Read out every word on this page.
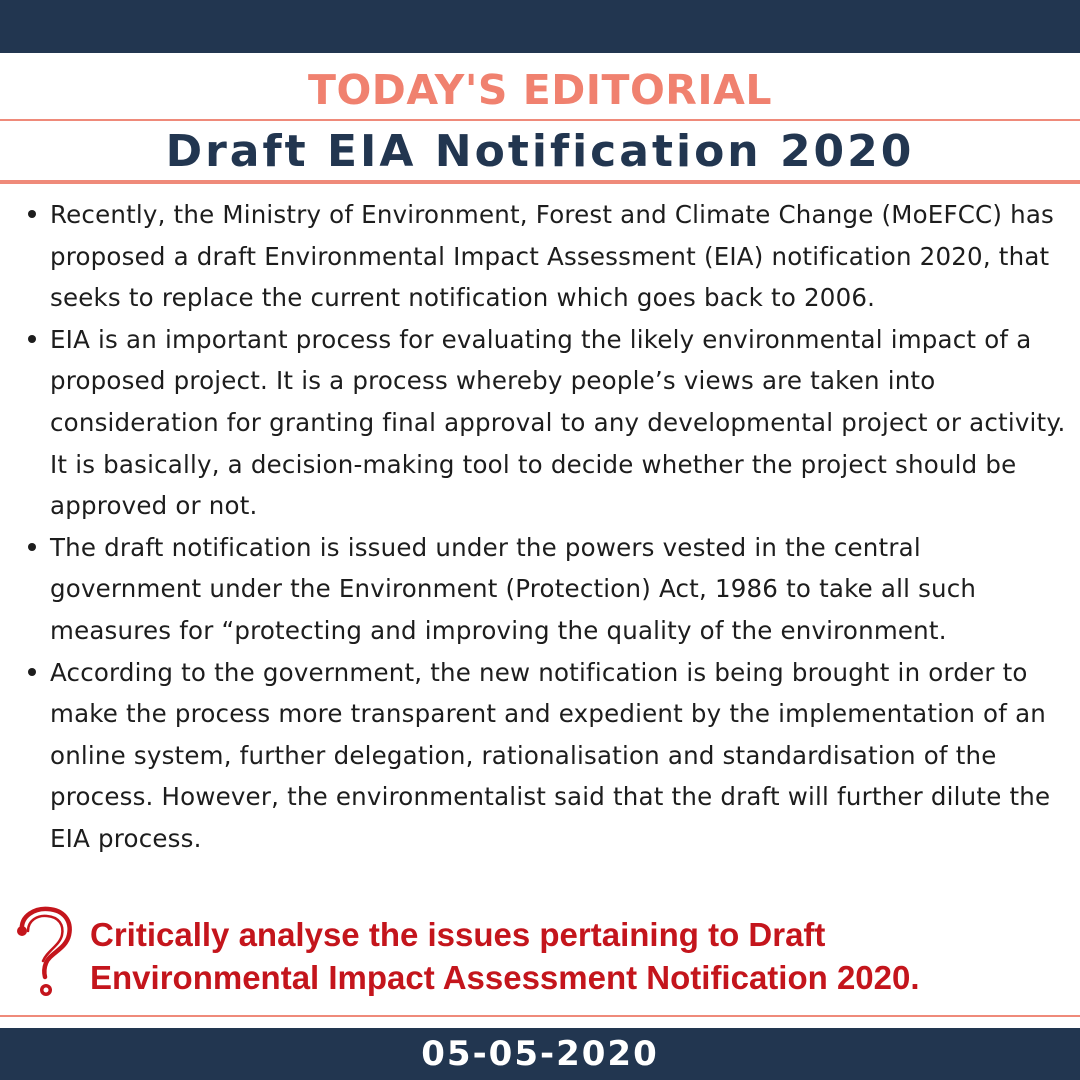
TODAY'S EDITORIAL
Draft EIA Notification 2020
Recently, the Ministry of Environment, Forest and Climate Change (MoEFCC) has proposed a draft Environmental Impact Assessment (EIA) notification 2020, that seeks to replace the current notification which goes back to 2006.
EIA is an important process for evaluating the likely environmental impact of a proposed project. It is a process whereby people’s views are taken into consideration for granting final approval to any developmental project or activity. It is basically, a decision-making tool to decide whether the project should be approved or not.
The draft notification is issued under the powers vested in the central government under the Environment (Protection) Act, 1986 to take all such measures for “protecting and improving the quality of the environment.
According to the government, the new notification is being brought in order to make the process more transparent and expedient by the implementation of an online system, further delegation, rationalisation and standardisation of the process. However, the environmentalist said that the draft will further dilute the EIA process.

Critically analyse the issues pertaining to Draft Environmental Impact Assessment Notification 2020.

05-05-2020
